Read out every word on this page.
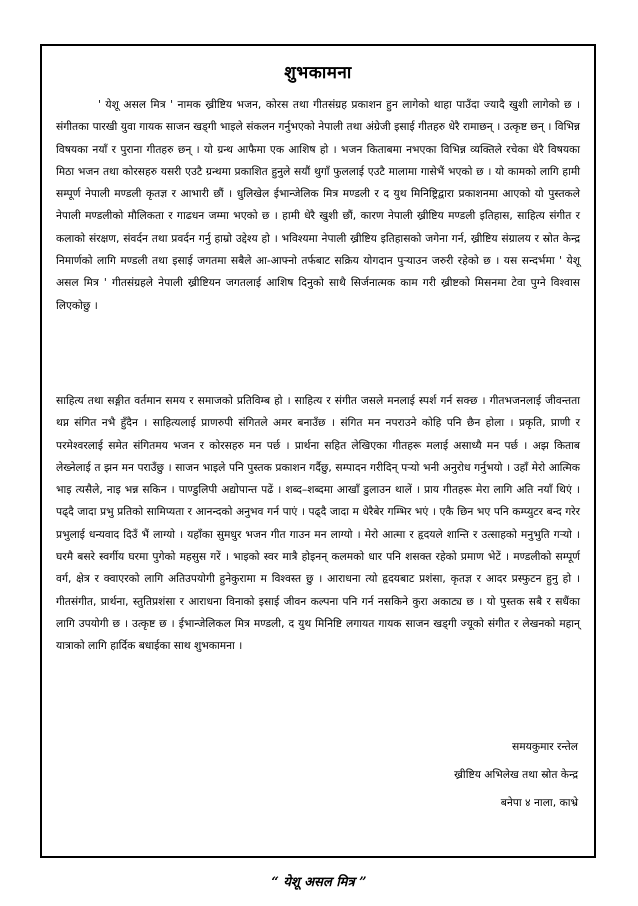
शुभकामना

' येशू असल मित्र ' नामक ख्रीष्टिय भजन, कोरस तथा गीतसंग्रह प्रकाशन हुन लागेको थाहा पाउँदा ज्यादै खुशी लागेको छ । संगीतका पारखी युवा गायक साजन खड्गी भाइले संकलन गर्नुभएको नेपाली तथा अंग्रेजी इसाई गीतहरु धेरै रामाछन् । उत्कृष्ट छन् । विभिन्न विषयका नयाँ र पुराना गीतहरु छन् । यो ग्रन्थ आफैमा एक आशिष हो । भजन किताबमा नभएका विभिन्न व्यक्तिले रचेका धेरै विषयका मिठा भजन तथा कोरसहरु यसरी एउटै ग्रन्थमा प्रकाशित हुनुले सयौं थुगाँ फुललाई एउटै मालामा गासेभैं भएको छ । यो कामको लागि हामी सम्पूर्ण नेपाली मण्डली कृतज्ञ र आभारी छौं । धुलिखेल ईभान्जेलिक मित्र मण्डली र द युथ मिनिष्ट्रिद्वारा प्रकाशनमा आएको यो पुस्तकले नेपाली मण्डलीको मौलिकता र गाढधन जम्मा भएको छ । हामी धेरै खुशी छौं, कारण नेपाली ख्रीष्टिय मण्डली इतिहास, साहित्य संगीत र कलाको संरक्षण, संवर्दन तथा प्रवर्दन गर्नु हाम्रो उद्देश्य हो । भविश्यमा नेपाली ख्रीष्टिय इतिहासको जगेना गर्न, ख्रीष्टिय संग्रालय र स्रोत केन्द्र निमार्णको लागि मण्डली तथा इसाई जगतमा सबैले आ-आफ्नो तर्फबाट सक्रिय योगदान पुऱ्याउन जरुरी रहेको छ । यस सन्दर्भमा ' येशू असल मित्र ' गीतसंग्रहले नेपाली ख्रीष्टियन जगतलाई आशिष दिनुको साथै सिर्जनात्मक काम गरी ख्रीष्टको मिसनमा टेवा पुग्ने विश्वास लिएकोछु ।

साहित्य तथा सङ्गीत वर्तमान समय र समाजको प्रतिविम्ब हो । साहित्य र संगीत जसले मनलाई स्पर्श गर्न सक्छ । गीतभजनलाई जीवन्तता थप्न संगित नभै हुँदैन । साहित्यलाई प्राणरुपी संगितले अमर बनाउँछ । संगित मन नपराउने कोहि पनि छैन होला । प्रकृति, प्राणी र परमेश्वरलाई समेत संगितमय भजन र कोरसहरु मन पर्छ । प्रार्थना सहित लेखिएका गीतहरू मलाई असाध्यै मन पर्छ । अझ किताब लेख्नेलाई त झन मन पराउँछु । साजन भाइले पनि पुस्तक प्रकाशन गर्दैछु, सम्पादन गरीदिन् पऱ्यो भनी अनुरोध गर्नुभयो । उहाँ मेरो आत्मिक भाइ त्यसैले, नाइ भन्न सकिन । पाण्डुलिपी अद्योपान्त पढें । शब्द–शब्दमा आखाँ डुलाउन थालें । प्राय गीतहरू मेरा लागि अति नयाँ थिएं । पढ्दै जादा प्रभु प्रतिको सामिप्यता र आनन्दको अनुभव गर्न पाएं । पढ्दै जादा म धेरैबेर गम्भिर भएं । एकै छिन भए पनि कम्प्युटर बन्द गरेर प्रभुलाई धन्यवाद दिउँ भैं लाग्यो । यहाँका सुमधुर भजन गीत गाउन मन लाग्यो । मेरो आत्मा र हृदयले शान्ति र उत्साहको मनुभुति गऱ्यो । घरमै बसरे स्वर्गीय घरमा पुगेको महसुस गरें । भाइको स्वर मात्रै होइनन् कलमको धार पनि शसक्त रहेको प्रमाण भेटें । मण्डलीको सम्पूर्ण वर्ग, क्षेत्र र क्वाएरको लागि अतिउपयोगी हुनेकुरामा म विश्वस्त छु । आराधना त्यो हृदयबाट प्रशंसा, कृतज्ञ र आदर प्रस्फुटन हुनु हो । गीतसंगीत, प्रार्थना, स्तुतिप्रशंसा र आराधना विनाको इसाई जीवन कल्पना पनि गर्न नसकिने कुरा अकाट्य छ । यो पुस्तक सबै र सधैंका लागि उपयोगी छ । उत्कृष्ट छ । ईभान्जेलिकल मित्र मण्डली, द युथ मिनिष्टि लगायत गायक साजन खड्गी ज्यूको संगीत र लेखनको महान् यात्राको लागि हार्दिक बधाईका साथ शुभकामना ।

समयकुमार रन्तेल
ख्रीष्टिय अभिलेख तथा स्रोत केन्द्र
बनेपा ४ नाला, काभ्रे
“ येशू असल मित्र ”
